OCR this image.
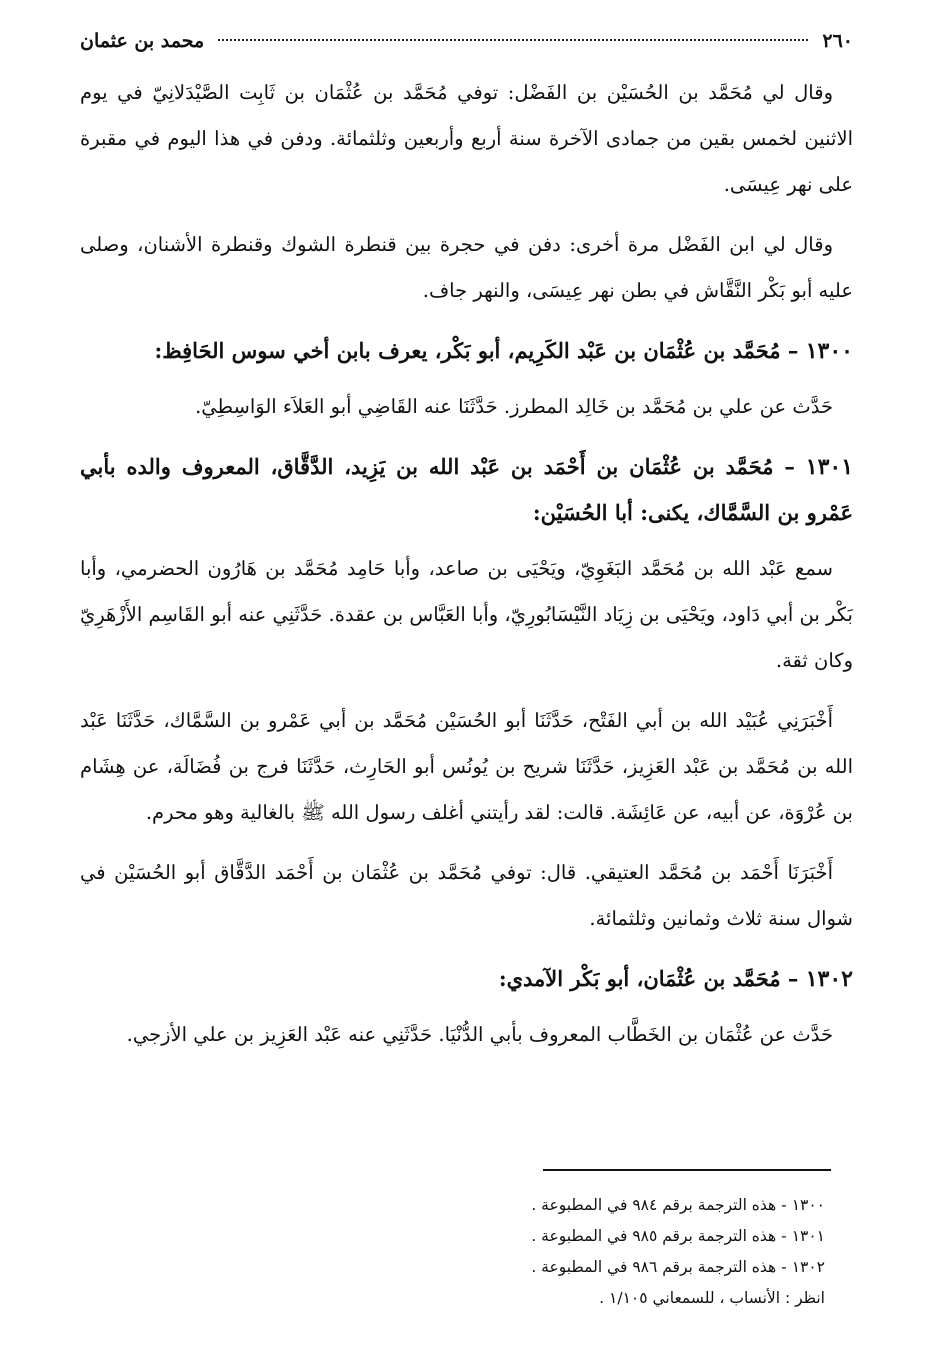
٢٦٠
محمد بن عثمان

وقال لي مُحَمَّد بن الحُسَيْن بن الفَضْل: توفي مُحَمَّد بن عُثْمَان بن ثَابِت الصَّيْدَلانِيّ في يوم الاثنين لخمس بقين من جمادى الآخرة سنة أربع وأربعين وثلثمائة. ودفن في هذا اليوم في مقبرة على نهر عِيسَى.

وقال لي ابن الفَضْل مرة أخرى: دفن في حجرة بين قنطرة الشوك وقنطرة الأشنان، وصلى عليه أبو بَكْر النَّقَّاش في بطن نهر عِيسَى، والنهر جاف.

١٣٠٠ – مُحَمَّد بن عُثْمَان بن عَبْد الكَرِيم، أبو بَكْر، يعرف بابن أخي سوس الحَافِظ:

حَدَّث عن علي بن مُحَمَّد بن خَالِد المطرز. حَدَّثَنَا عنه القَاضِي أبو العَلاَء الوَاسِطِيّ.

١٣٠١ – مُحَمَّد بن عُثْمَان بن أَحْمَد بن عَبْد الله بن يَزِيد، الدَّقَّاق، المعروف والده بأبي عَمْرو بن السَّمَّاك، يكنى: أبا الحُسَيْن:

سمع عَبْد الله بن مُحَمَّد البَغَوِيّ، ويَحْيَى بن صاعد، وأبا حَامِد مُحَمَّد بن هَارُون الحضرمي، وأبا بَكْر بن أبي دَاود، ويَحْيَى بن زِيَاد النَّيْسَابُورِيّ، وأبا العَبَّاس بن عقدة. حَدَّثَنِي عنه أبو القَاسِم الأَزْهَرِيّ وكان ثقة.

أَخْبَرَنِي عُبَيْد الله بن أبي الفَتْح، حَدَّثَنَا أبو الحُسَيْن مُحَمَّد بن أبي عَمْرو بن السَّمَّاك، حَدَّثَنَا عَبْد الله بن مُحَمَّد بن عَبْد العَزِيز، حَدَّثَنَا شريح بن يُونُس أبو الحَارِث، حَدَّثَنَا فرج بن فُضَالَة، عن هِشَام بن عُرْوَة، عن أبيه، عن عَائِشَة. قالت: لقد رأيتني أغلف رسول الله ﷺ بالغالية وهو محرم.

أَخْبَرَنَا أَحْمَد بن مُحَمَّد العتيقي. قال: توفي مُحَمَّد بن عُثْمَان بن أَحْمَد الدَّقَّاق أبو الحُسَيْن في شوال سنة ثلاث وثمانين وثلثمائة.

١٣٠٢ – مُحَمَّد بن عُثْمَان، أبو بَكْر الآمدي:

حَدَّث عن عُثْمَان بن الخَطَّاب المعروف بأبي الدُّنْيَا. حَدَّثَنِي عنه عَبْد العَزِيز بن علي الأزجي.

١٣٠٠ - هذه الترجمة برقم ٩٨٤ في المطبوعة .
١٣٠١ - هذه الترجمة برقم ٩٨٥ في المطبوعة .
١٣٠٢ - هذه الترجمة برقم ٩٨٦ في المطبوعة .
انظر : الأنساب ، للسمعاني ١/١٠٥ .
